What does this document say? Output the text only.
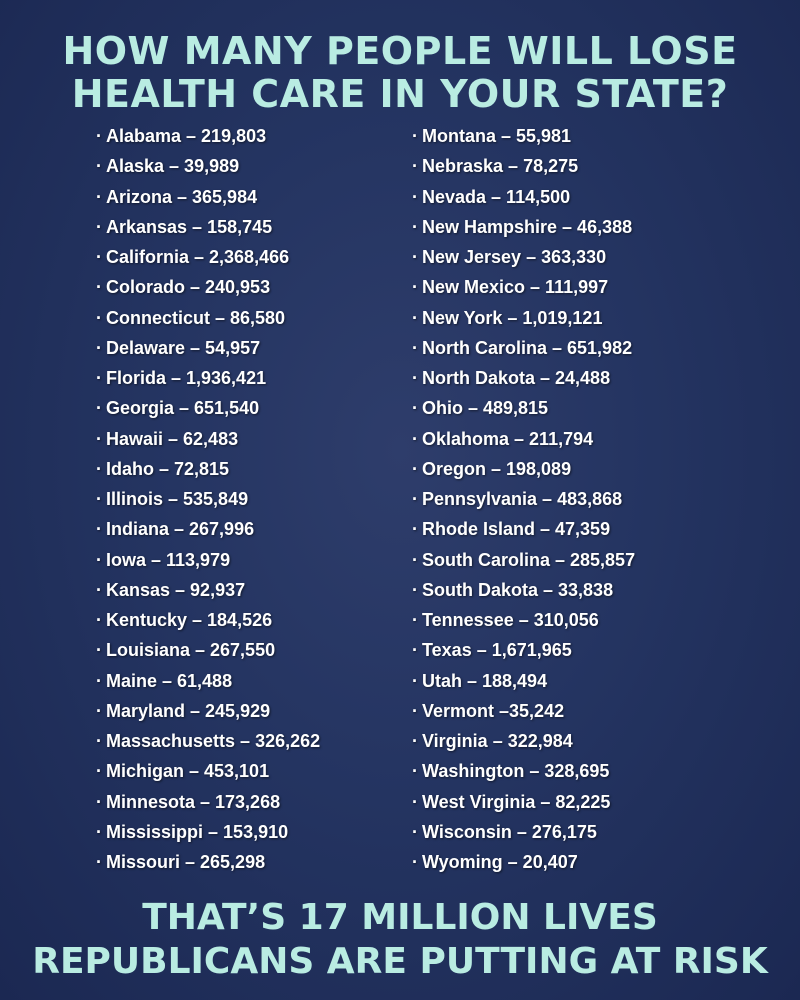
HOW MANY PEOPLE WILL LOSE
HEALTH CARE IN YOUR STATE?
· Alabama – 219,803
· Alaska – 39,989
· Arizona – 365,984
· Arkansas – 158,745
· California – 2,368,466
· Colorado – 240,953
· Connecticut – 86,580
· Delaware – 54,957
· Florida – 1,936,421
· Georgia – 651,540
· Hawaii – 62,483
· Idaho – 72,815
· Illinois – 535,849
· Indiana – 267,996
· Iowa – 113,979
· Kansas – 92,937
· Kentucky – 184,526
· Louisiana – 267,550
· Maine – 61,488
· Maryland – 245,929
· Massachusetts – 326,262
· Michigan – 453,101
· Minnesota – 173,268
· Mississippi – 153,910
· Missouri – 265,298
· Montana – 55,981
· Nebraska – 78,275
· Nevada – 114,500
· New Hampshire – 46,388
· New Jersey – 363,330
· New Mexico – 111,997
· New York – 1,019,121
· North Carolina – 651,982
· North Dakota – 24,488
· Ohio – 489,815
· Oklahoma – 211,794
· Oregon – 198,089
· Pennsylvania – 483,868
· Rhode Island – 47,359
· South Carolina – 285,857
· South Dakota – 33,838
· Tennessee – 310,056
· Texas – 1,671,965
· Utah – 188,494
· Vermont –35,242
· Virginia – 322,984
· Washington – 328,695
· West Virginia – 82,225
· Wisconsin – 276,175
· Wyoming – 20,407
THAT’S 17 MILLION LIVES
REPUBLICANS ARE PUTTING AT RISK
